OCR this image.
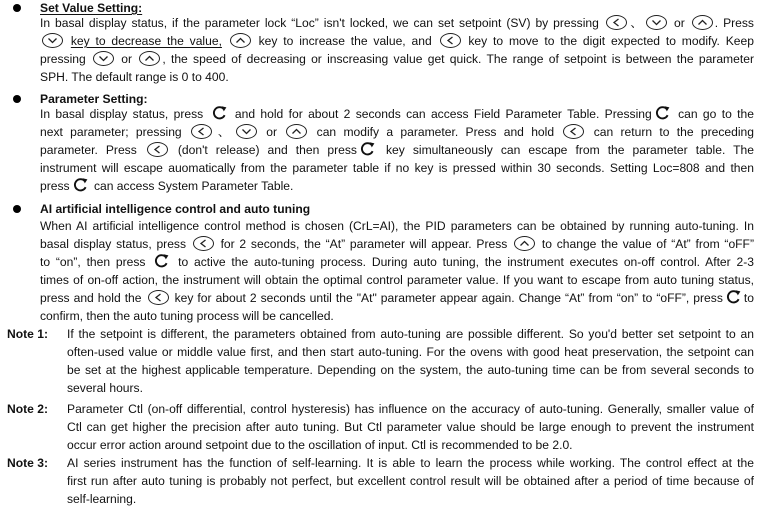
Set Value Setting:
In basal display status, if the parameter lock “Loc” isn't locked, we can set setpoint (SV) by pressing 、 or . Press
key to decrease the value,	key to increase the value, and	key to move to the digit expected to modify. Keep
pressing	or	, the speed of decreasing or inscreasing value get quick. The range of setpoint is between the parameter
SPH. The default range is 0 to 400.
Parameter Setting:
In basal display status, press	and hold for about 2 seconds can access Field Parameter Table. Pressing can go to the
next parameter; pressing	、	or	can modify a parameter. Press and hold	can return to the preceding
parameter. Press	(don't release) and then press key simultaneously can escape from the parameter table. The
instrument will escape auomatically from the parameter table if no key is pressed within 30 seconds. Setting Loc=808 and then
press can access System Parameter Table.
AI artificial intelligence control and auto tuning
When AI artificial intelligence control method is chosen (CrL=AI), the PID parameters can be obtained by running auto-tuning. In
basal display status, press	for 2 seconds, the “At” parameter will appear. Press	to change the value of “At” from “oFF”
to “on”, then press	to active the auto-tuning process. During auto tuning, the instrument executes on-off control. After 2-3
times of on-off action, the instrument will obtain the optimal control parameter value. If you want to escape from auto tuning status,
press and hold the	key for about 2 seconds until the "At" parameter appear again. Change “At” from “on” to “oFF”, press to
confirm, then the auto tuning process will be cancelled.
Note 1: If the setpoint is different, the parameters obtained from auto-tuning are possible different. So you'd better set setpoint to an
often-used value or middle value first, and then start auto-tuning. For the ovens with good heat preservation, the setpoint can
be set at the highest applicable temperature. Depending on the system, the auto-tuning time can be from several seconds to
several hours.
Note 2: Parameter Ctl (on-off differential, control hysteresis) has influence on the accuracy of auto-tuning. Generally, smaller value of
Ctl can get higher the precision after auto tuning. But Ctl parameter value should be large enough to prevent the instrument
occur error action around setpoint due to the oscillation of input. Ctl is recommended to be 2.0.
Note 3: AI series instrument has the function of self-learning. It is able to learn the process while working. The control effect at the
first run after auto tuning is probably not perfect, but excellent control result will be obtained after a period of time because of
self-learning.
